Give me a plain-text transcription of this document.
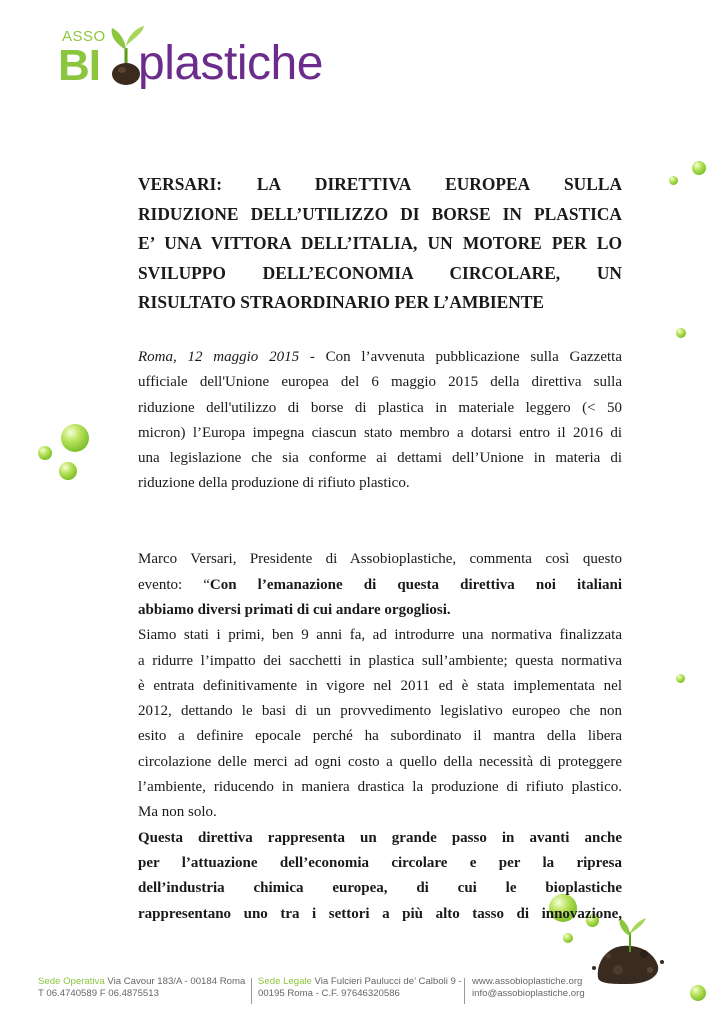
ASSO
BI plastiche
VERSARI: LA DIRETTIVA EUROPEA SULLA
RIDUZIONE DELL’UTILIZZO DI BORSE IN PLASTICA
E’ UNA VITTORA DELL’ITALIA, UN MOTORE PER LO
SVILUPPO DELL’ECONOMIA CIRCOLARE, UN
RISULTATO STRAORDINARIO PER L’AMBIENTE
Roma, 12 maggio 2015 - Con l’avvenuta pubblicazione sulla Gazzetta
ufficiale dell'Unione europea del 6 maggio 2015 della direttiva sulla
riduzione dell'utilizzo di borse di plastica in materiale leggero (< 50
micron) l’Europa impegna ciascun stato membro a dotarsi entro il 2016 di
una legislazione che sia conforme ai dettami dell’Unione in materia di
riduzione della produzione di rifiuto plastico.
Marco Versari, Presidente di Assobioplastiche, commenta così questo
evento: “Con l’emanazione di questa direttiva noi italiani
abbiamo diversi primati di cui andare orgogliosi.
Siamo stati i primi, ben 9 anni fa, ad introdurre una normativa finalizzata
a ridurre l’impatto dei sacchetti in plastica sull’ambiente; questa normativa
è entrata definitivamente in vigore nel 2011 ed è stata implementata nel
2012, dettando le basi di un provvedimento legislativo europeo che non
esito a definire epocale perché ha subordinato il mantra della libera
circolazione delle merci ad ogni costo a quello della necessità di proteggere
l’ambiente, riducendo in maniera drastica la produzione di rifiuto plastico.
Ma non solo.
Questa direttiva rappresenta un grande passo in avanti anche
per l’attuazione dell’economia circolare e per la ripresa
dell’industria chimica europea, di cui le bioplastiche
rappresentano uno tra i settori a più alto tasso di innovazione,
Sede Operativa Via Cavour 183/A - 00184 Roma
T 06.4740589 F 06.4875513
Sede Legale Via Fulcieri Paulucci de’ Calboli 9 -
00195 Roma - C.F. 97646320586
www.assobioplastiche.org
info@assobioplastiche.org
